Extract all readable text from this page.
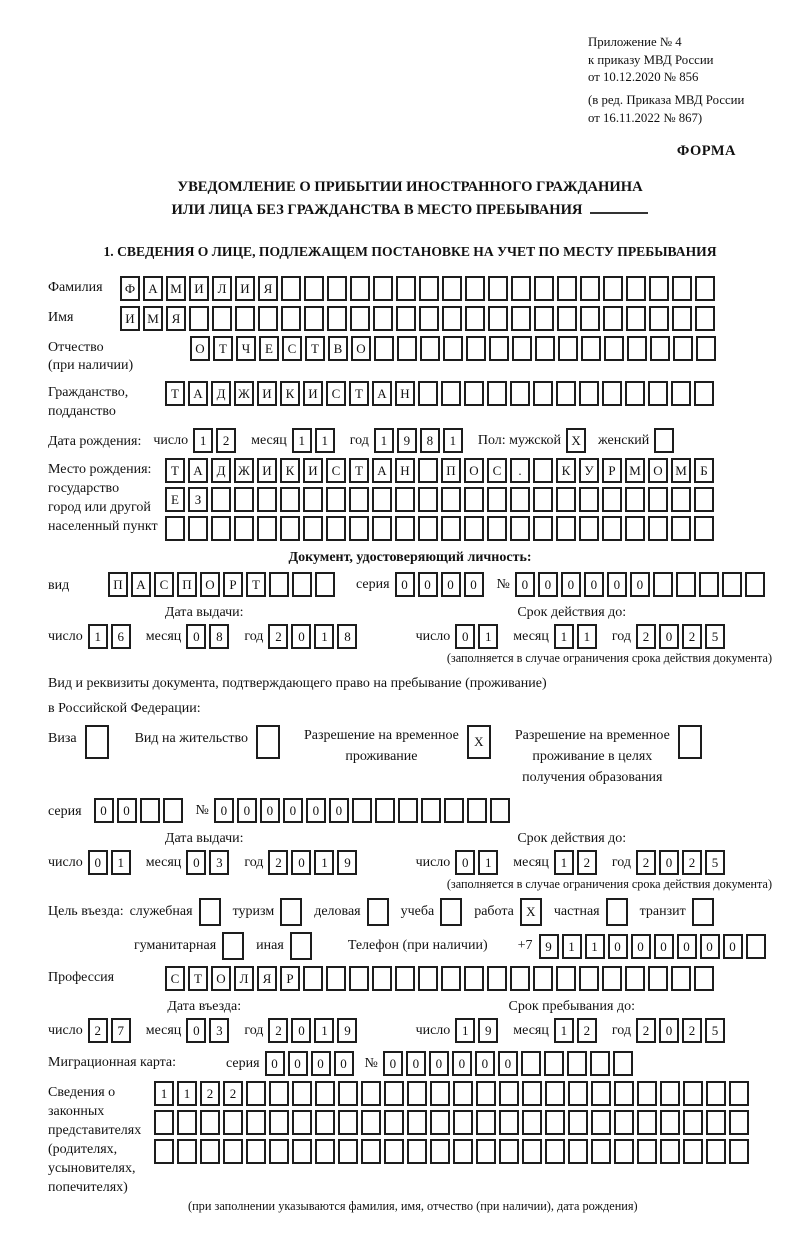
Приложение № 4
к приказу МВД России
от 10.12.2020 № 856
(в ред. Приказа МВД России
от 16.11.2022 № 867)
ФОРМА
УВЕДОМЛЕНИЕ О ПРИБЫТИИ ИНОСТРАННОГО ГРАЖДАНИНА
ИЛИ ЛИЦА БЕЗ ГРАЖДАНСТВА В МЕСТО ПРЕБЫВАНИЯ
1. СВЕДЕНИЯ О ЛИЦЕ, ПОДЛЕЖАЩЕМ ПОСТАНОВКЕ НА УЧЕТ ПО МЕСТУ ПРЕБЫВАНИЯ
Фамилия	Ф	А М И	Л	И	Я
Имя	И М Я
Отчество
(при наличии)
О	Т	Ч	Е	С	Т	В	О
Гражданство,
подданство
Т	А	Д Ж И	К	И	С	Т	А	Н
Дата рождения: число 1	2	месяц 1	1	год 1	9	8	1	Пол: мужской X	женский
Место рождения:
государство
город или другой
населенный пункт
Т	А	Д Ж И	К	И	С	Т	А	Н	П	О	С	.	К	У	Р	М О М	Б
Е	З
Документ, удостоверяющий личность:
вид	П	А	С	П	О	Р	Т	серия 0	0	0	0	№ 0	0	0	0	0	0
Дата выдачи:
число 1	6	месяц 0	8	год 2	0	1	8
Срок действия до:
число 0	1	месяц 1	1	год 2	0	2	5
(заполняется в случае ограничения срока действия документа)
Вид и реквизиты документа, подтверждающего право на пребывание (проживание)
в Российской Федерации:
Виза	Вид на жительство	Разрешение на временное
проживание
X	Разрешение на временное
проживание в целях
получения образования
серия	0	0	№ 0	0	0	0	0	0
Дата выдачи:
число 0	1	месяц 0	3	год 2	0	1	9
Срок действия до:
число 0	1	месяц 1	2	год 2	0	2	5
(заполняется в случае ограничения срока действия документа)
Цель въезда: служебная	туризм	деловая	учеба	работа X	частная	транзит
гуманитарная	иная	Телефон (при наличии) +7 9	1	1	0	0	0	0	0	0
Профессия	С	Т	О	Л	Я	Р
Дата въезда:
число 2	7	месяц 0	3	год 2	0	1	9
Срок пребывания до:
число 1	9	месяц 1	2	год 2	0	2	5
Миграционная карта:	серия 0	0	0	0	№ 0	0	0	0	0	0
Сведения о
законных
представителях
(родителях,
усыновителях,
попечителях)
1	1	2	2
(при заполнении указываются фамилия, имя, отчество (при наличии), дата рождения)
